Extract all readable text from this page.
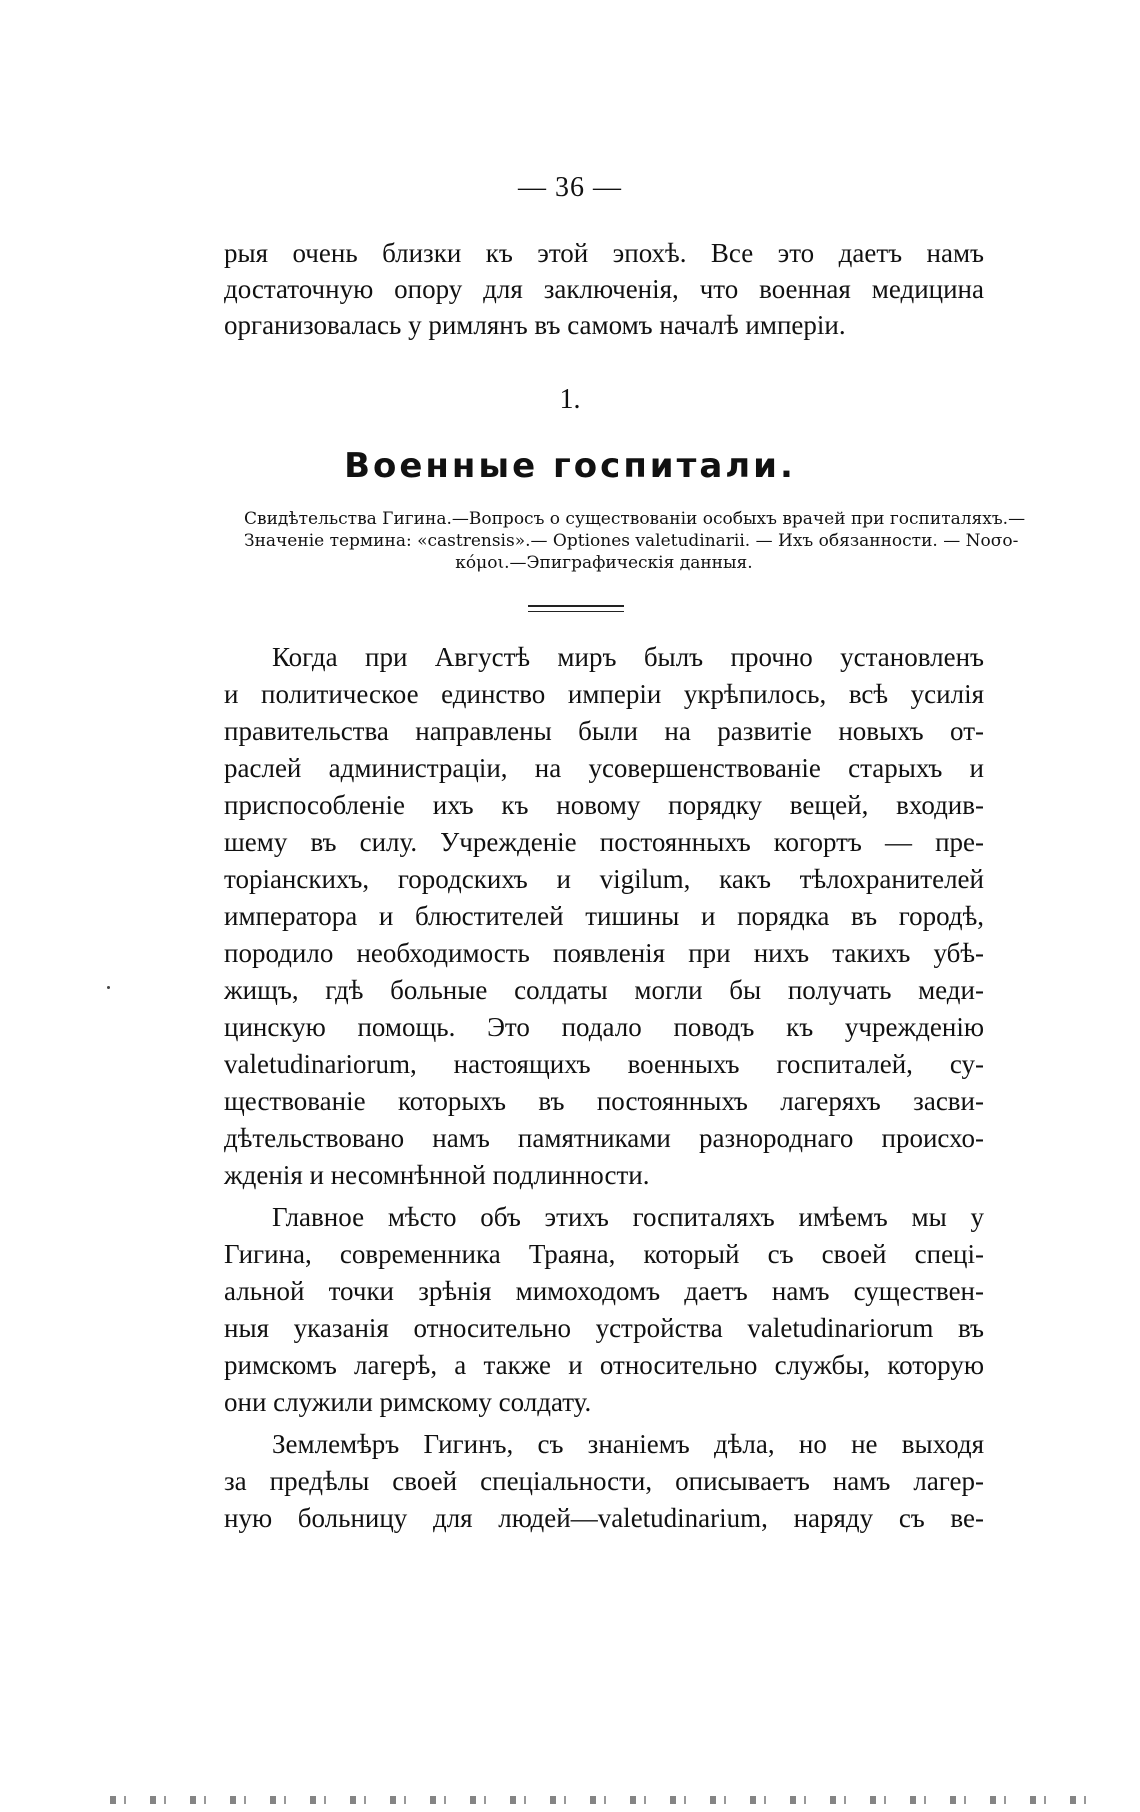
— 36 —
рыя очень близки къ этой эпохѣ. Все это даетъ намъ
достаточную опору для заключенія, что военная медицина
организовалась у римлянъ въ самомъ началѣ имперіи.
1.
Военные госпитали.
Свидѣтельства Гигина.—Вопросъ о существованіи особыхъ врачей при госпиталяхъ.—
Значеніе термина: «castrensis».— Optiones valetudinarii. — Ихъ обязанности. — Νοσο-
κόμοι.—Эпиграфическія данныя.
Когда при Августѣ миръ былъ прочно установленъ
и политическое единство имперіи укрѣпилось, всѣ усилія
правительства направлены были на развитіе новыхъ от-
раслей администраціи, на усовершенствованіе старыхъ и
приспособленіе ихъ къ новому порядку вещей, входив-
шему въ силу. Учрежденіе постоянныхъ когортъ — пре-
торіанскихъ, городскихъ и vigilum, какъ тѣлохранителей
императора и блюстителей тишины и порядка въ городѣ,
породило необходимость появленія при нихъ такихъ убѣ-
жищъ, гдѣ больные солдаты могли бы получать меди-
цинскую помощь. Это подало поводъ къ учрежденію
valetudinariorum, настоящихъ военныхъ госпиталей, су-
ществованіе которыхъ въ постоянныхъ лагеряхъ засви-
дѣтельствовано намъ памятниками разнороднаго происхо-
жденія и несомнѣнной подлинности.
Главное мѣсто объ этихъ госпиталяхъ имѣемъ мы у
Гигина, современника Траяна, который съ своей спеці-
альной точки зрѣнія мимоходомъ даетъ намъ существен-
ныя указанія относительно устройства valetudinariorum въ
римскомъ лагерѣ, а также и относительно службы, которую
они служили римскому солдату.
Землемѣръ Гигинъ, съ знаніемъ дѣла, но не выходя
за предѣлы своей спеціальности, описываетъ намъ лагер-
ную больницу для людей—valetudinarium, наряду съ ве-
